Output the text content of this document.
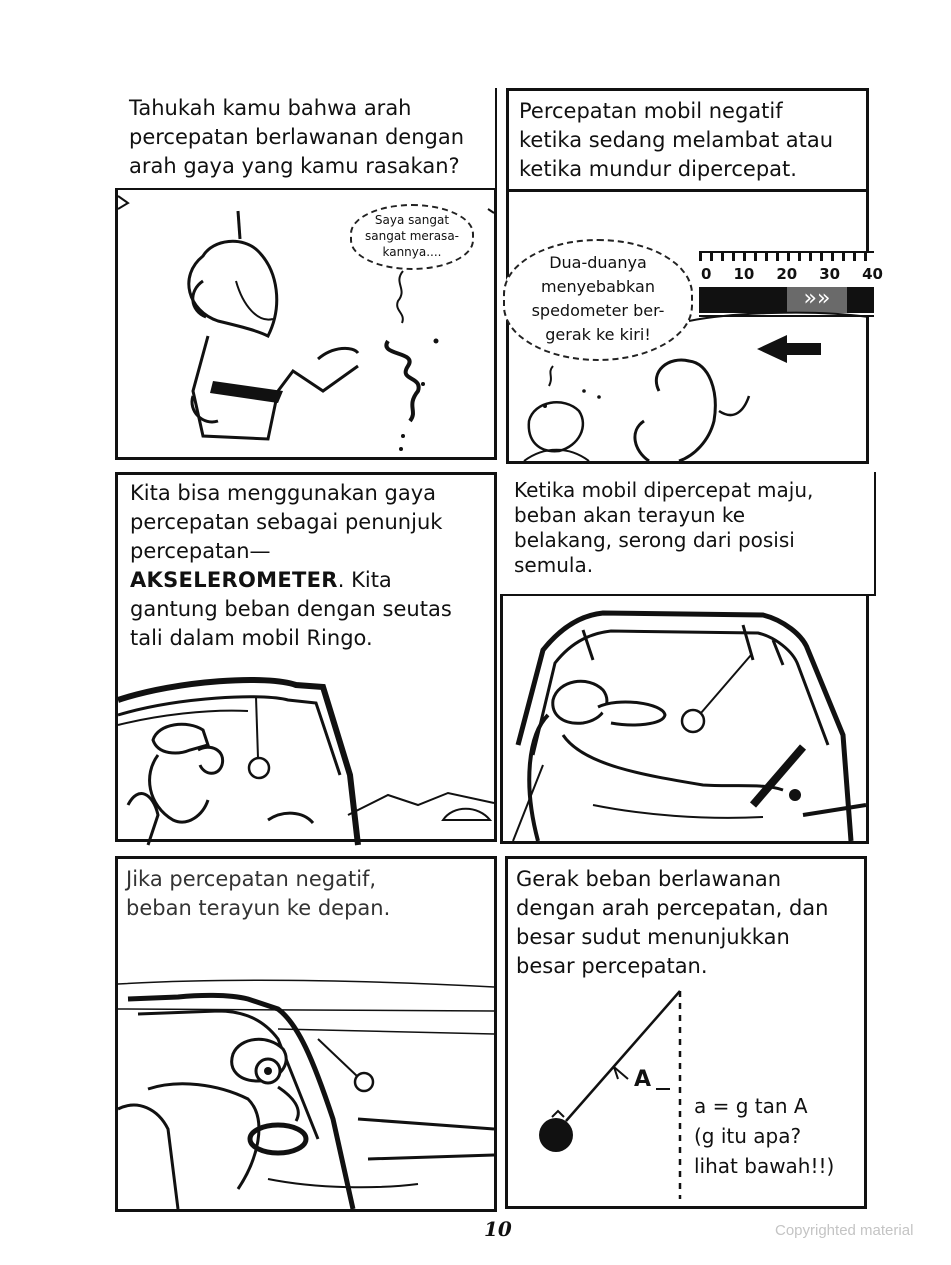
Tahukah kamu bahwa arah
percepatan berlawanan dengan
arah gaya yang kamu rasakan?
Saya sangat
sangat merasa-
kannya....
Percepatan mobil negatif
ketika sedang melambat atau
ketika mundur dipercepat.
Dua-duanya
menyebabkan
spedometer ber-
gerak ke kiri!
0 10 20 30 40
»»
Kita bisa menggunakan gaya
percepatan sebagai penunjuk
percepatan—
AKSELEROMETER. Kita
gantung beban dengan seutas
tali dalam mobil Ringo.
Ketika mobil dipercepat maju,
beban akan terayun ke
belakang, serong dari posisi
semula.
Jika percepatan negatif,
beban terayun ke depan.
Gerak beban berlawanan
dengan arah percepatan, dan
besar sudut menunjukkan
besar percepatan.
A
a = g tan A
(g itu apa?
lihat bawah!!)
10	Copyrighted material
